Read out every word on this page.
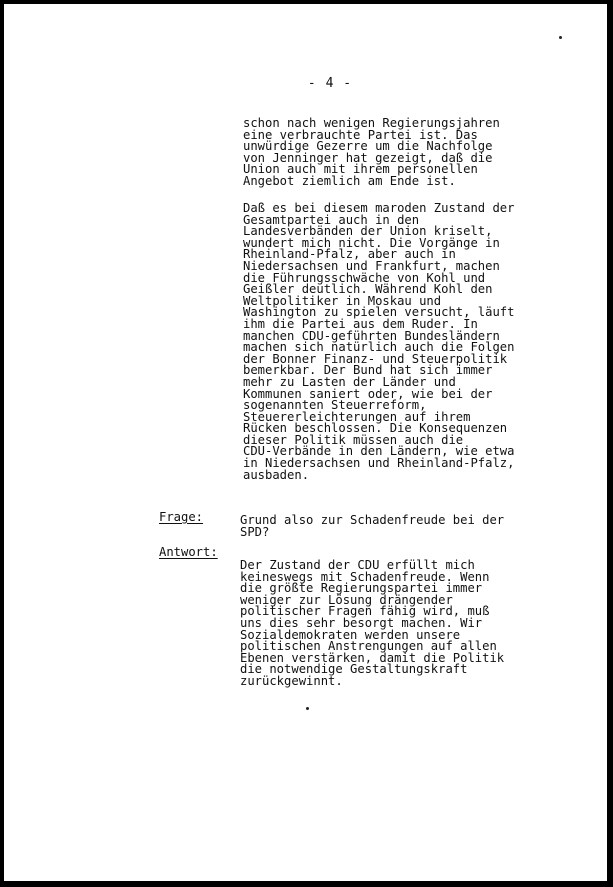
- 4 -
schon nach wenigen Regierungsjahren
eine verbrauchte Partei ist. Das
unwürdige Gezerre um die Nachfolge
von Jenninger hat gezeigt, daß die
Union auch mit ihrem personellen
Angebot ziemlich am Ende ist.
Daß es bei diesem maroden Zustand der
Gesamtpartei auch in den
Landesverbänden der Union kriselt,
wundert mich nicht. Die Vorgänge in
Rheinland-Pfalz, aber auch in
Niedersachsen und Frankfurt, machen
die Führungsschwäche von Kohl und
Geißler deutlich. Während Kohl den
Weltpolitiker in Moskau und
Washington zu spielen versucht, läuft
ihm die Partei aus dem Ruder. In
manchen CDU-geführten Bundesländern
machen sich natürlich auch die Folgen
der Bonner Finanz- und Steuerpolitik
bemerkbar. Der Bund hat sich immer
mehr zu Lasten der Länder und
Kommunen saniert oder, wie bei der
sogenannten Steuerreform,
Steuererleichterungen auf ihrem
Rücken beschlossen. Die Konsequenzen
dieser Politik müssen auch die
CDU-Verbände in den Ländern, wie etwa
in Niedersachsen und Rheinland-Pfalz,
ausbaden.
Frage:	Grund also zur Schadenfreude bei der
SPD?
Antwort:
Der Zustand der CDU erfüllt mich
keineswegs mit Schadenfreude. Wenn
die größte Regierungspartei immer
weniger zur Lösung drängender
politischer Fragen fähig wird, muß
uns dies sehr besorgt machen. Wir
Sozialdemokraten werden unsere
politischen Anstrengungen auf allen
Ebenen verstärken, damit die Politik
die notwendige Gestaltungskraft
zurückgewinnt.
